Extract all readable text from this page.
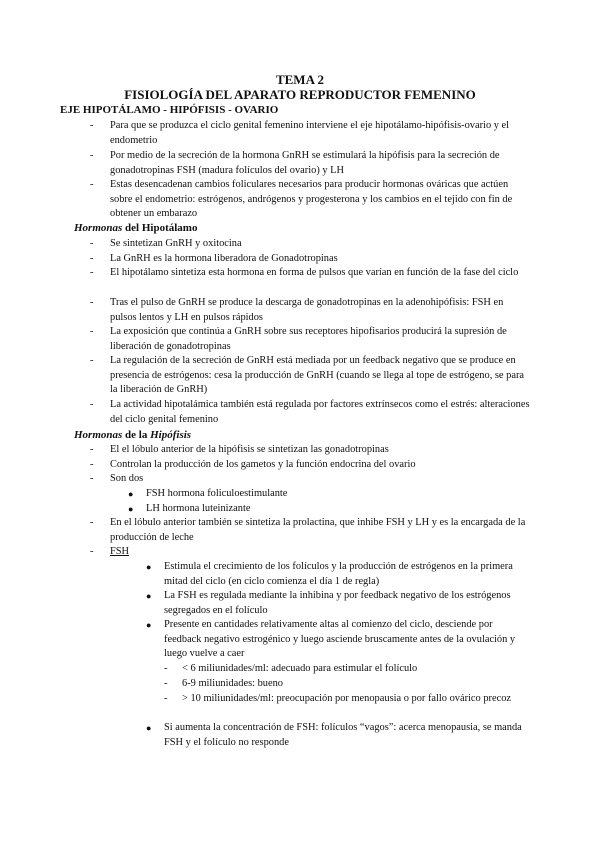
TEMA 2
FISIOLOGÍA DEL APARATO REPRODUCTOR FEMENINO
EJE HIPOTÁLAMO - HIPÓFISIS - OVARIO
- Para que se produzca el ciclo genital femenino interviene el eje hipotálamo-hipófisis-ovario y el endometrio
- Por medio de la secreción de la hormona GnRH se estimulará la hipófisis para la secreción de gonadotropinas FSH (madura folículos del ovario) y LH
- Estas desencadenan cambios foliculares necesarios para producir hormonas ováricas que actúen sobre el endometrio: estrógenos, andrógenos y progesterona y los cambios en el tejido con fin de obtener un embarazo
Hormonas del Hipotálamo
- Se sintetizan GnRH y oxitocina
- La GnRH es la hormona liberadora de Gonadotropinas
- El hipotálamo sintetiza esta hormona en forma de pulsos que varían en función de la fase del ciclo
- Tras el pulso de GnRH se produce la descarga de gonadotropinas en la adenohipófisis: FSH en pulsos lentos y LH en pulsos rápidos
- La exposición que continúa a GnRH sobre sus receptores hipofisarios producirá la supresión de liberación de gonadotropinas
- La regulación de la secreción de GnRH está mediada por un feedback negativo que se produce en presencia de estrógenos: cesa la producción de GnRH (cuando se llega al tope de estrógeno, se para la liberación de GnRH)
- La actividad hipotalámica también está regulada por factores extrínsecos como el estrés: alteraciones del ciclo genital femenino
Hormonas de la Hipófisis
- El el lóbulo anterior de la hipófisis se sintetizan las gonadotropinas
- Controlan la producción de los gametos y la función endocrina del ovario
- Son dos
● FSH hormona foliculoestimulante
● LH hormona luteinizante
- En el lóbulo anterior también se sintetiza la prolactina, que inhibe FSH y LH y es la encargada de la producción de leche
- FSH
● Estimula el crecimiento de los folículos y la producción de estrógenos en la primera mitad del ciclo (en ciclo comienza el día 1 de regla)
● La FSH es regulada mediante la inhibina y por feedback negativo de los estrógenos segregados en el folículo
● Presente en cantidades relativamente altas al comienzo del ciclo, desciende por feedback negativo estrogénico y luego asciende bruscamente antes de la ovulación y luego vuelve a caer
- < 6 miliunidades/ml: adecuado para estimular el folículo
- 6-9 miliunidades: bueno
- > 10 miliunidades/ml: preocupación por menopausia o por fallo ovárico precoz
● Si aumenta la concentración de FSH: folículos “vagos”: acerca menopausia, se manda FSH y el folículo no responde
